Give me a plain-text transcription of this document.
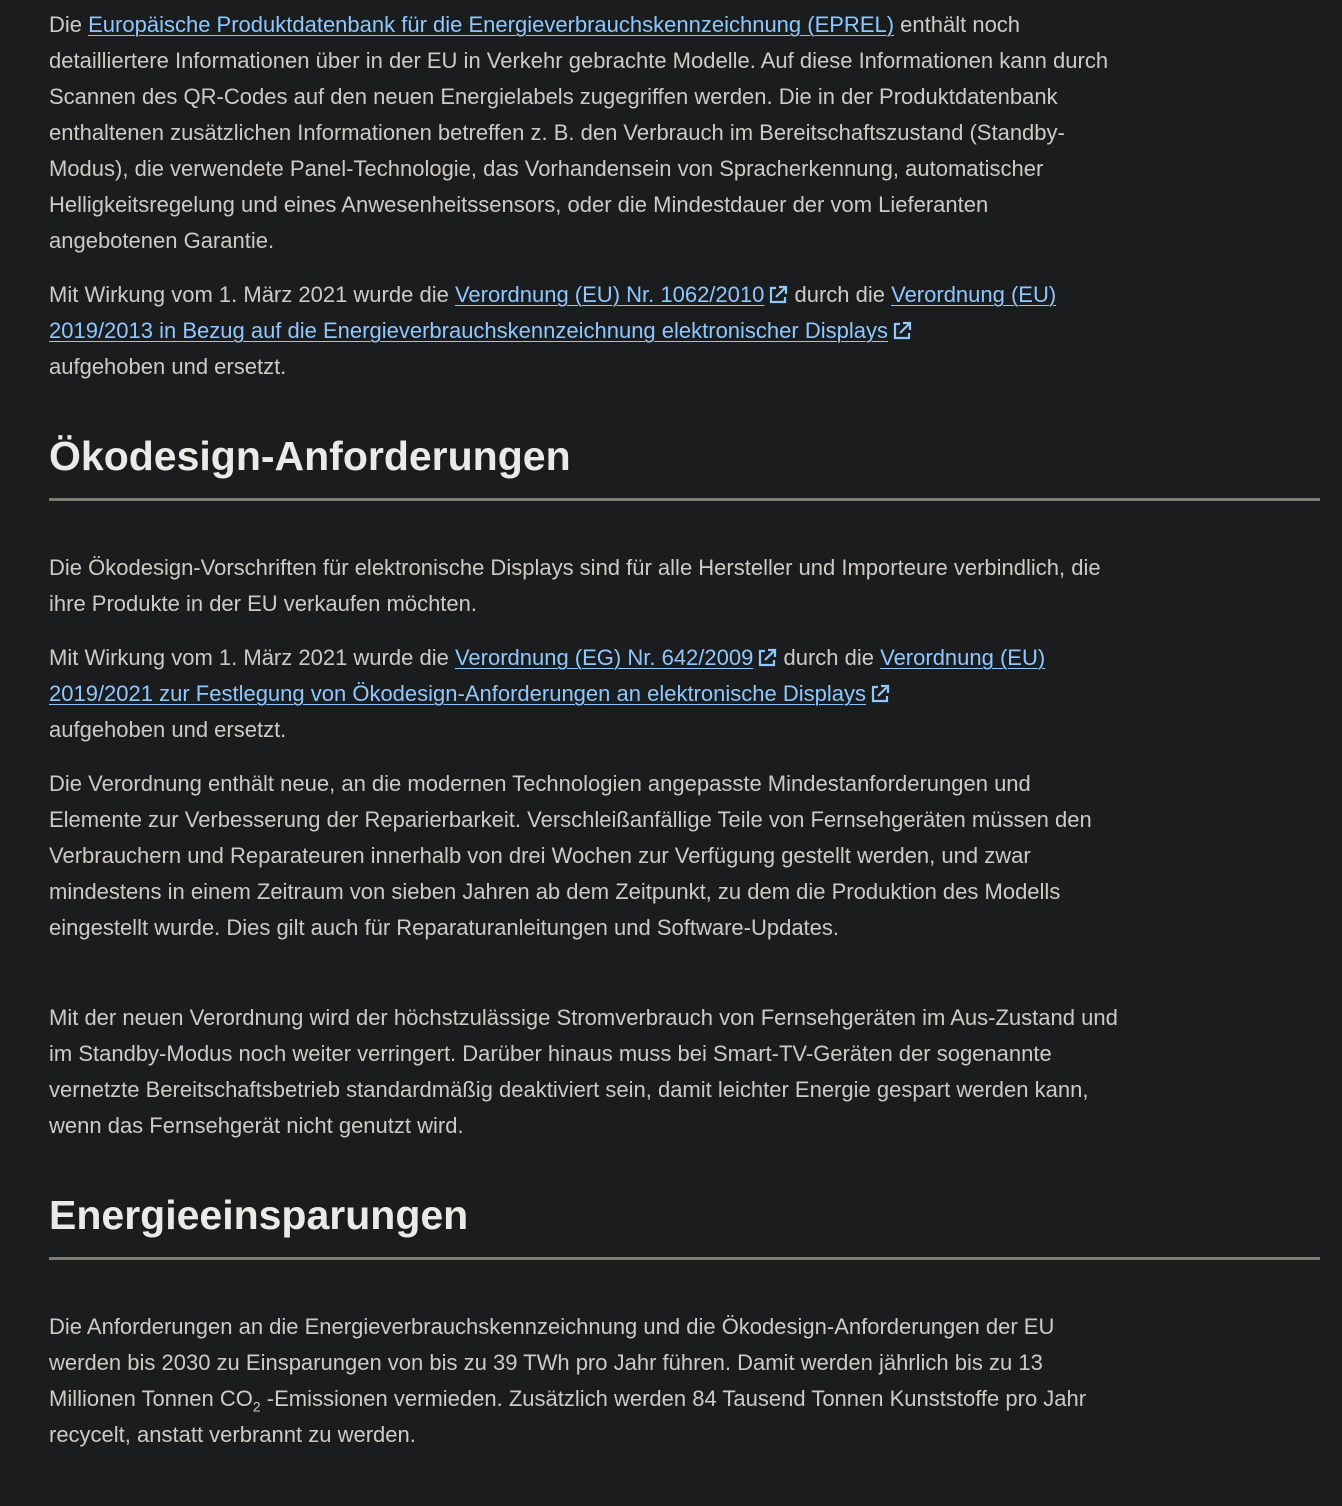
Die Europäische Produktdatenbank für die Energieverbrauchskennzeichnung (EPREL) enthält noch detailliertere Informationen über in der EU in Verkehr gebrachte Modelle. Auf diese Informationen kann durch Scannen des QR-Codes auf den neuen Energielabels zugegriffen werden. Die in der Produktdatenbank enthaltenen zusätzlichen Informationen betreffen z. B. den Verbrauch im Bereitschaftszustand (Standby-Modus), die verwendete Panel-Technologie, das Vorhandensein von Spracherkennung, automatischer Helligkeitsregelung und eines Anwesenheitssensors, oder die Mindestdauer der vom Lieferanten angebotenen Garantie.

Mit Wirkung vom 1. März 2021 wurde die Verordnung (EU) Nr. 1062/2010
durch die Verordnung (EU) 2019/2013 in Bezug auf die Energieverbrauchskennzeichnung elektronischer Displays

aufgehoben und ersetzt.

Ökodesign-Anforderungen

Die Ökodesign-Vorschriften für elektronische Displays sind für alle Hersteller und Importeure verbindlich, die ihre Produkte in der EU verkaufen möchten.

Mit Wirkung vom 1. März 2021 wurde die Verordnung (EG) Nr. 642/2009
durch die Verordnung (EU) 2019/2021 zur Festlegung von Ökodesign-Anforderungen an elektronische Displays

aufgehoben und ersetzt.

Die Verordnung enthält neue, an die modernen Technologien angepasste Mindestanforderungen und Elemente zur Verbesserung der Reparierbarkeit. Verschleißanfällige Teile von Fernsehgeräten müssen den Verbrauchern und Reparateuren innerhalb von drei Wochen zur Verfügung gestellt werden, und zwar mindestens in einem Zeitraum von sieben Jahren ab dem Zeitpunkt, zu dem die Produktion des Modells eingestellt wurde. Dies gilt auch für Reparaturanleitungen und Software-Updates.

Mit der neuen Verordnung wird der höchstzulässige Stromverbrauch von Fernsehgeräten im Aus-Zustand und im Standby-Modus noch weiter verringert. Darüber hinaus muss bei Smart-TV-Geräten der sogenannte vernetzte Bereitschaftsbetrieb standardmäßig deaktiviert sein, damit leichter Energie gespart werden kann, wenn das Fernsehgerät nicht genutzt wird.

Energieeinsparungen

Die Anforderungen an die Energieverbrauchskennzeichnung und die Ökodesign-Anforderungen der EU werden bis 2030 zu Einsparungen von bis zu 39 TWh pro Jahr führen. Damit werden jährlich bis zu 13 Millionen Tonnen $CO_2$ -Emissionen vermieden. Zusätzlich werden 84 Tausend Tonnen Kunststoffe pro Jahr recycelt, anstatt verbrannt zu werden.
